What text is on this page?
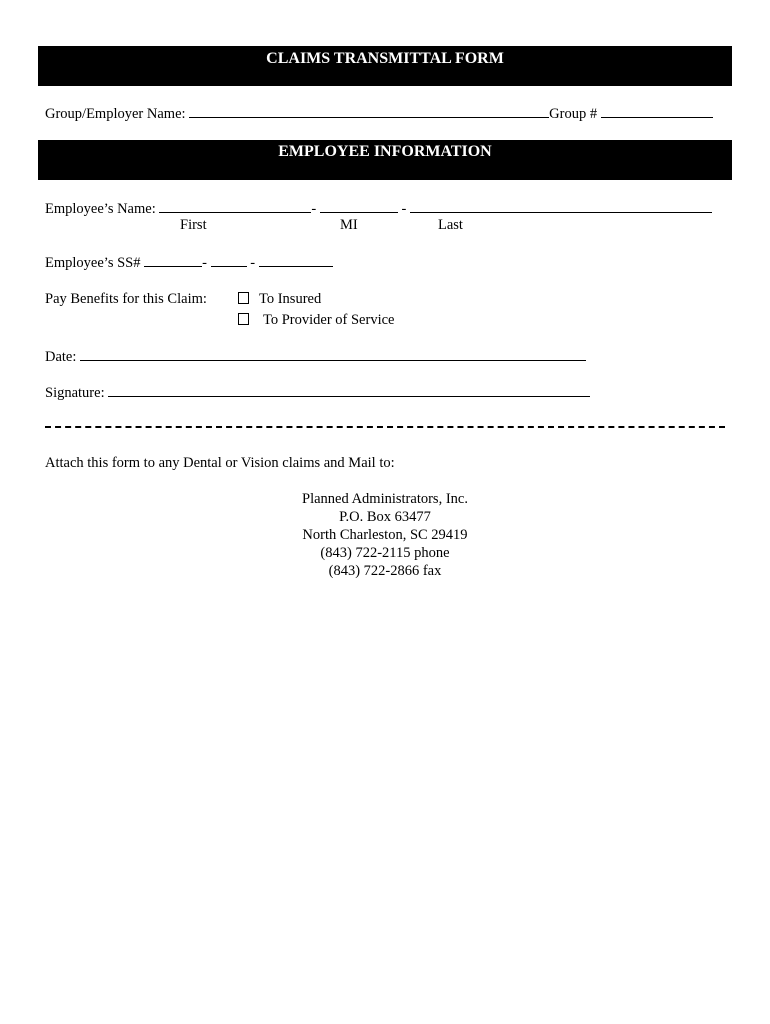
CLAIMS TRANSMITTAL FORM
Group/Employer Name:	Group #
EMPLOYEE INFORMATION
Employee’s Name:	-	-
First	MI	Last
Employee’s SS#	-  -
Pay Benefits for this Claim:	To Insured
To Provider of Service
Date:
Signature:
Attach this form to any Dental or Vision claims and Mail to:
Planned Administrators, Inc.
P.O. Box 63477
North Charleston, SC 29419
(843) 722-2115 phone
(843) 722-2866 fax
